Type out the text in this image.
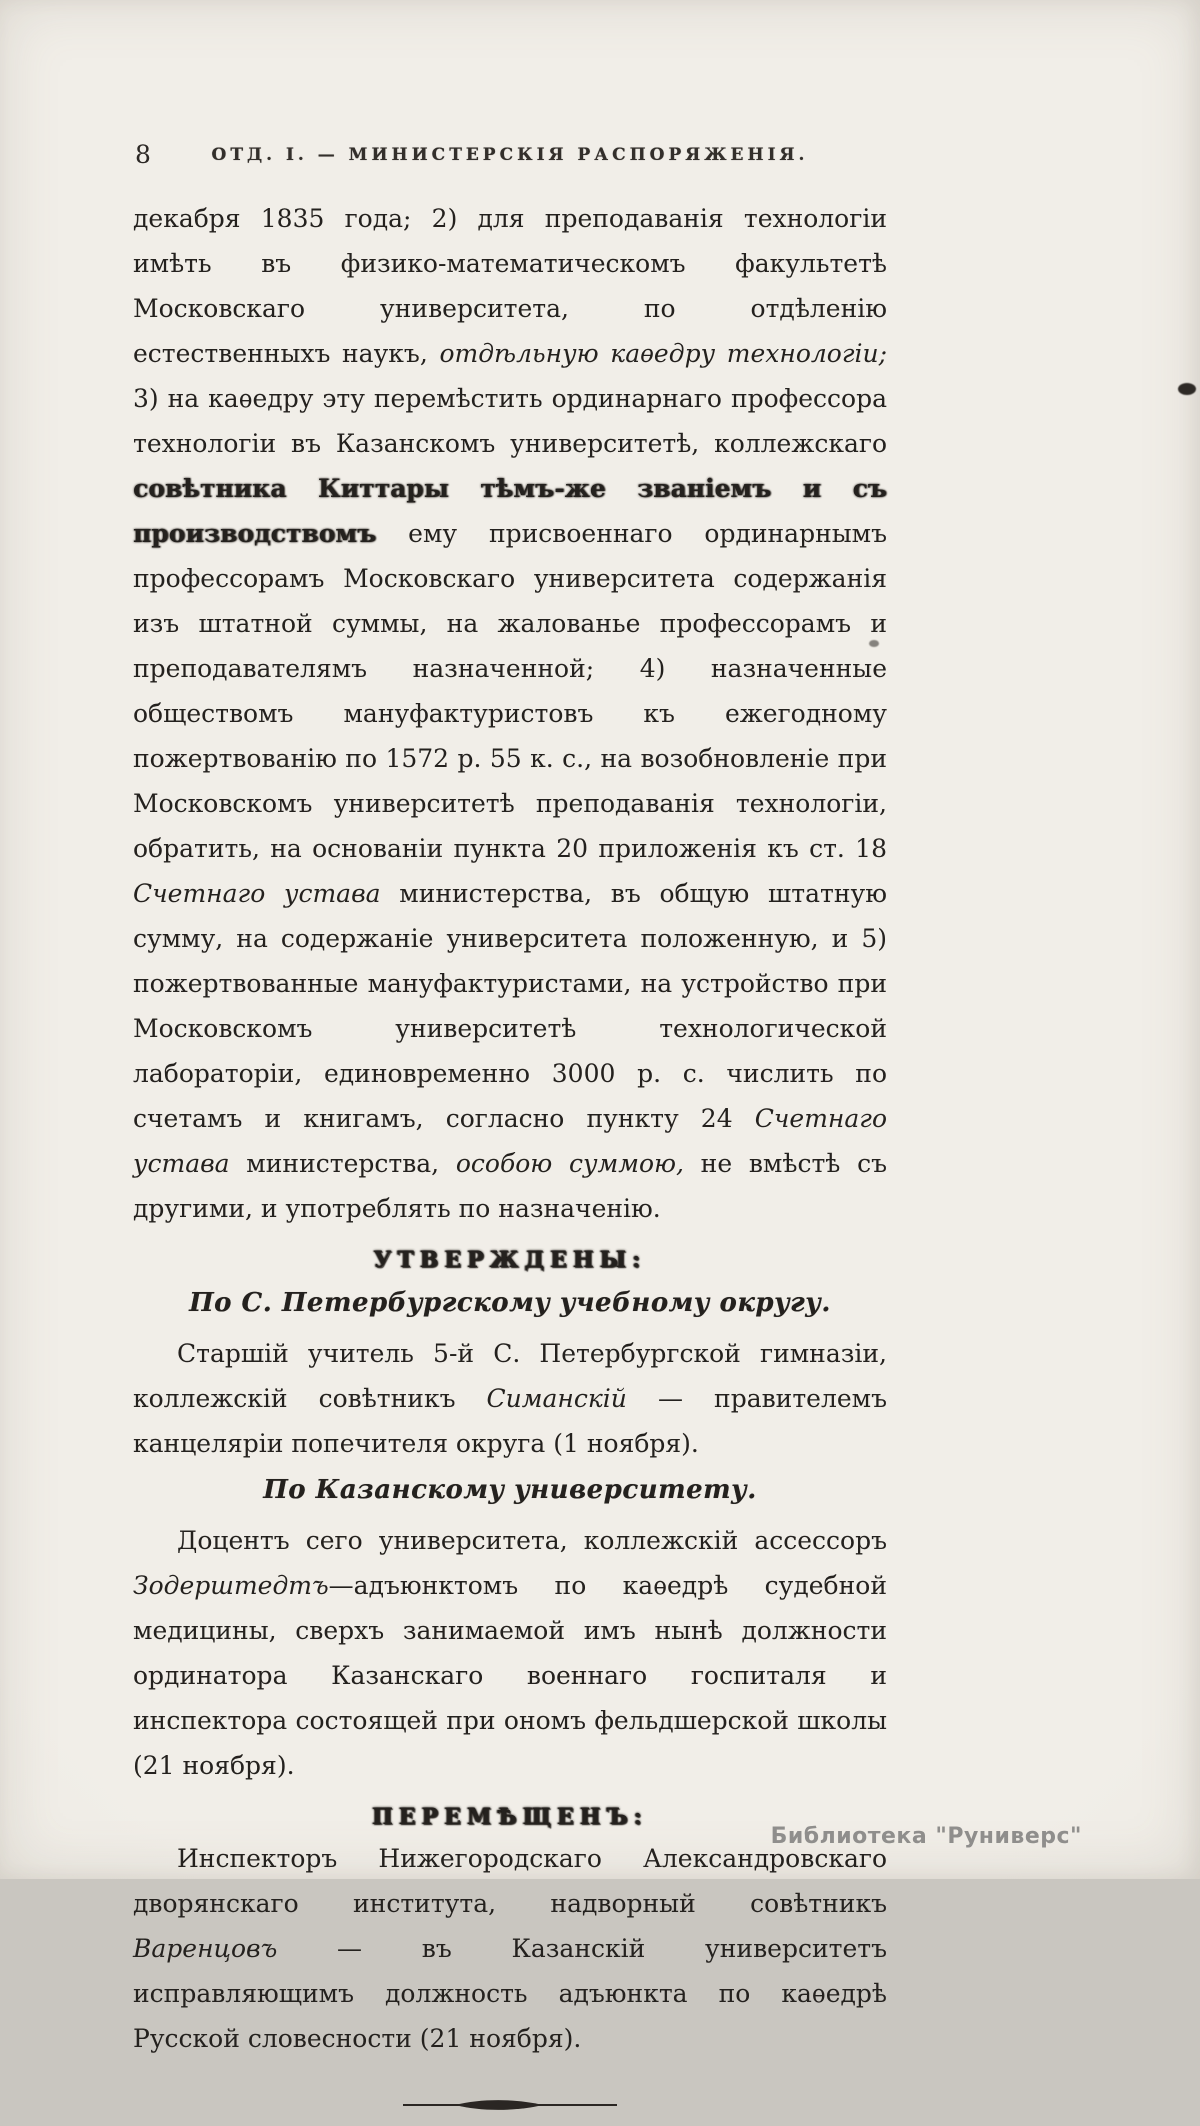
8	ОТД. I. — МИНИСТЕРСКІЯ РАСПОРЯЖЕНІЯ.

декабря 1835 года; 2) для преподаванія технологіи имѣть въ физико-математическомъ факультетѣ Московскаго университета, по отдѣленію естественныхъ наукъ, отдѣльную каѳедру технологіи; 3) на каѳедру эту перемѣстить ординарнаго профессора технологіи въ Казанскомъ университетѣ, коллежскаго совѣтника Киттары тѣмъ-же званіемъ и съ производствомъ ему присвоеннаго ординарнымъ профессорамъ Московскаго университета содержанія изъ штатной суммы, на жалованье профессорамъ и преподавателямъ назначенной; 4) назначенные обществомъ мануфактуристовъ къ ежегодному пожертвованію по 1572 р. 55 к. с., на возобновленіе при Московскомъ университетѣ преподаванія технологіи, обратить, на основаніи пункта 20 приложенія къ ст. 18 Счетнаго устава министерства, въ общую штатную сумму, на содержаніе университета положенную, и 5) пожертвованные мануфактуристами, на устройство при Московскомъ университетѣ технологической лабораторіи, единовременно 3000 р. с. числить по счетамъ и книгамъ, согласно пункту 24 Счетнаго устава министерства, особою суммою, не вмѣстѣ съ другими, и употреблять по назначенію.

УТВЕРЖДЕНЫ:
По С. Петербургскому учебному округу.

Старшій учитель 5-й С. Петербургской гимназіи, коллежскій совѣтникъ Симанскій — правителемъ канцеляріи попечителя округа (1 ноября).

По Казанскому университету.

Доцентъ сего университета, коллежскій ассессоръ Зодерштедтъ—адъюнктомъ по каѳедрѣ судебной медицины, сверхъ занимаемой имъ нынѣ должности ординатора Казанскаго военнаго госпиталя и инспектора состоящей при ономъ фельдшерской школы (21 ноября).

ПЕРЕМѢЩЕНЪ:

Инспекторъ Нижегородскаго Александровскаго дворянскаго института, надворный совѣтникъ Варенцовъ — въ Казанскій университетъ исправляющимъ должность адъюнкта по каѳедрѣ Русской словесности (21 ноября).

Библиотека "Руниверс"
